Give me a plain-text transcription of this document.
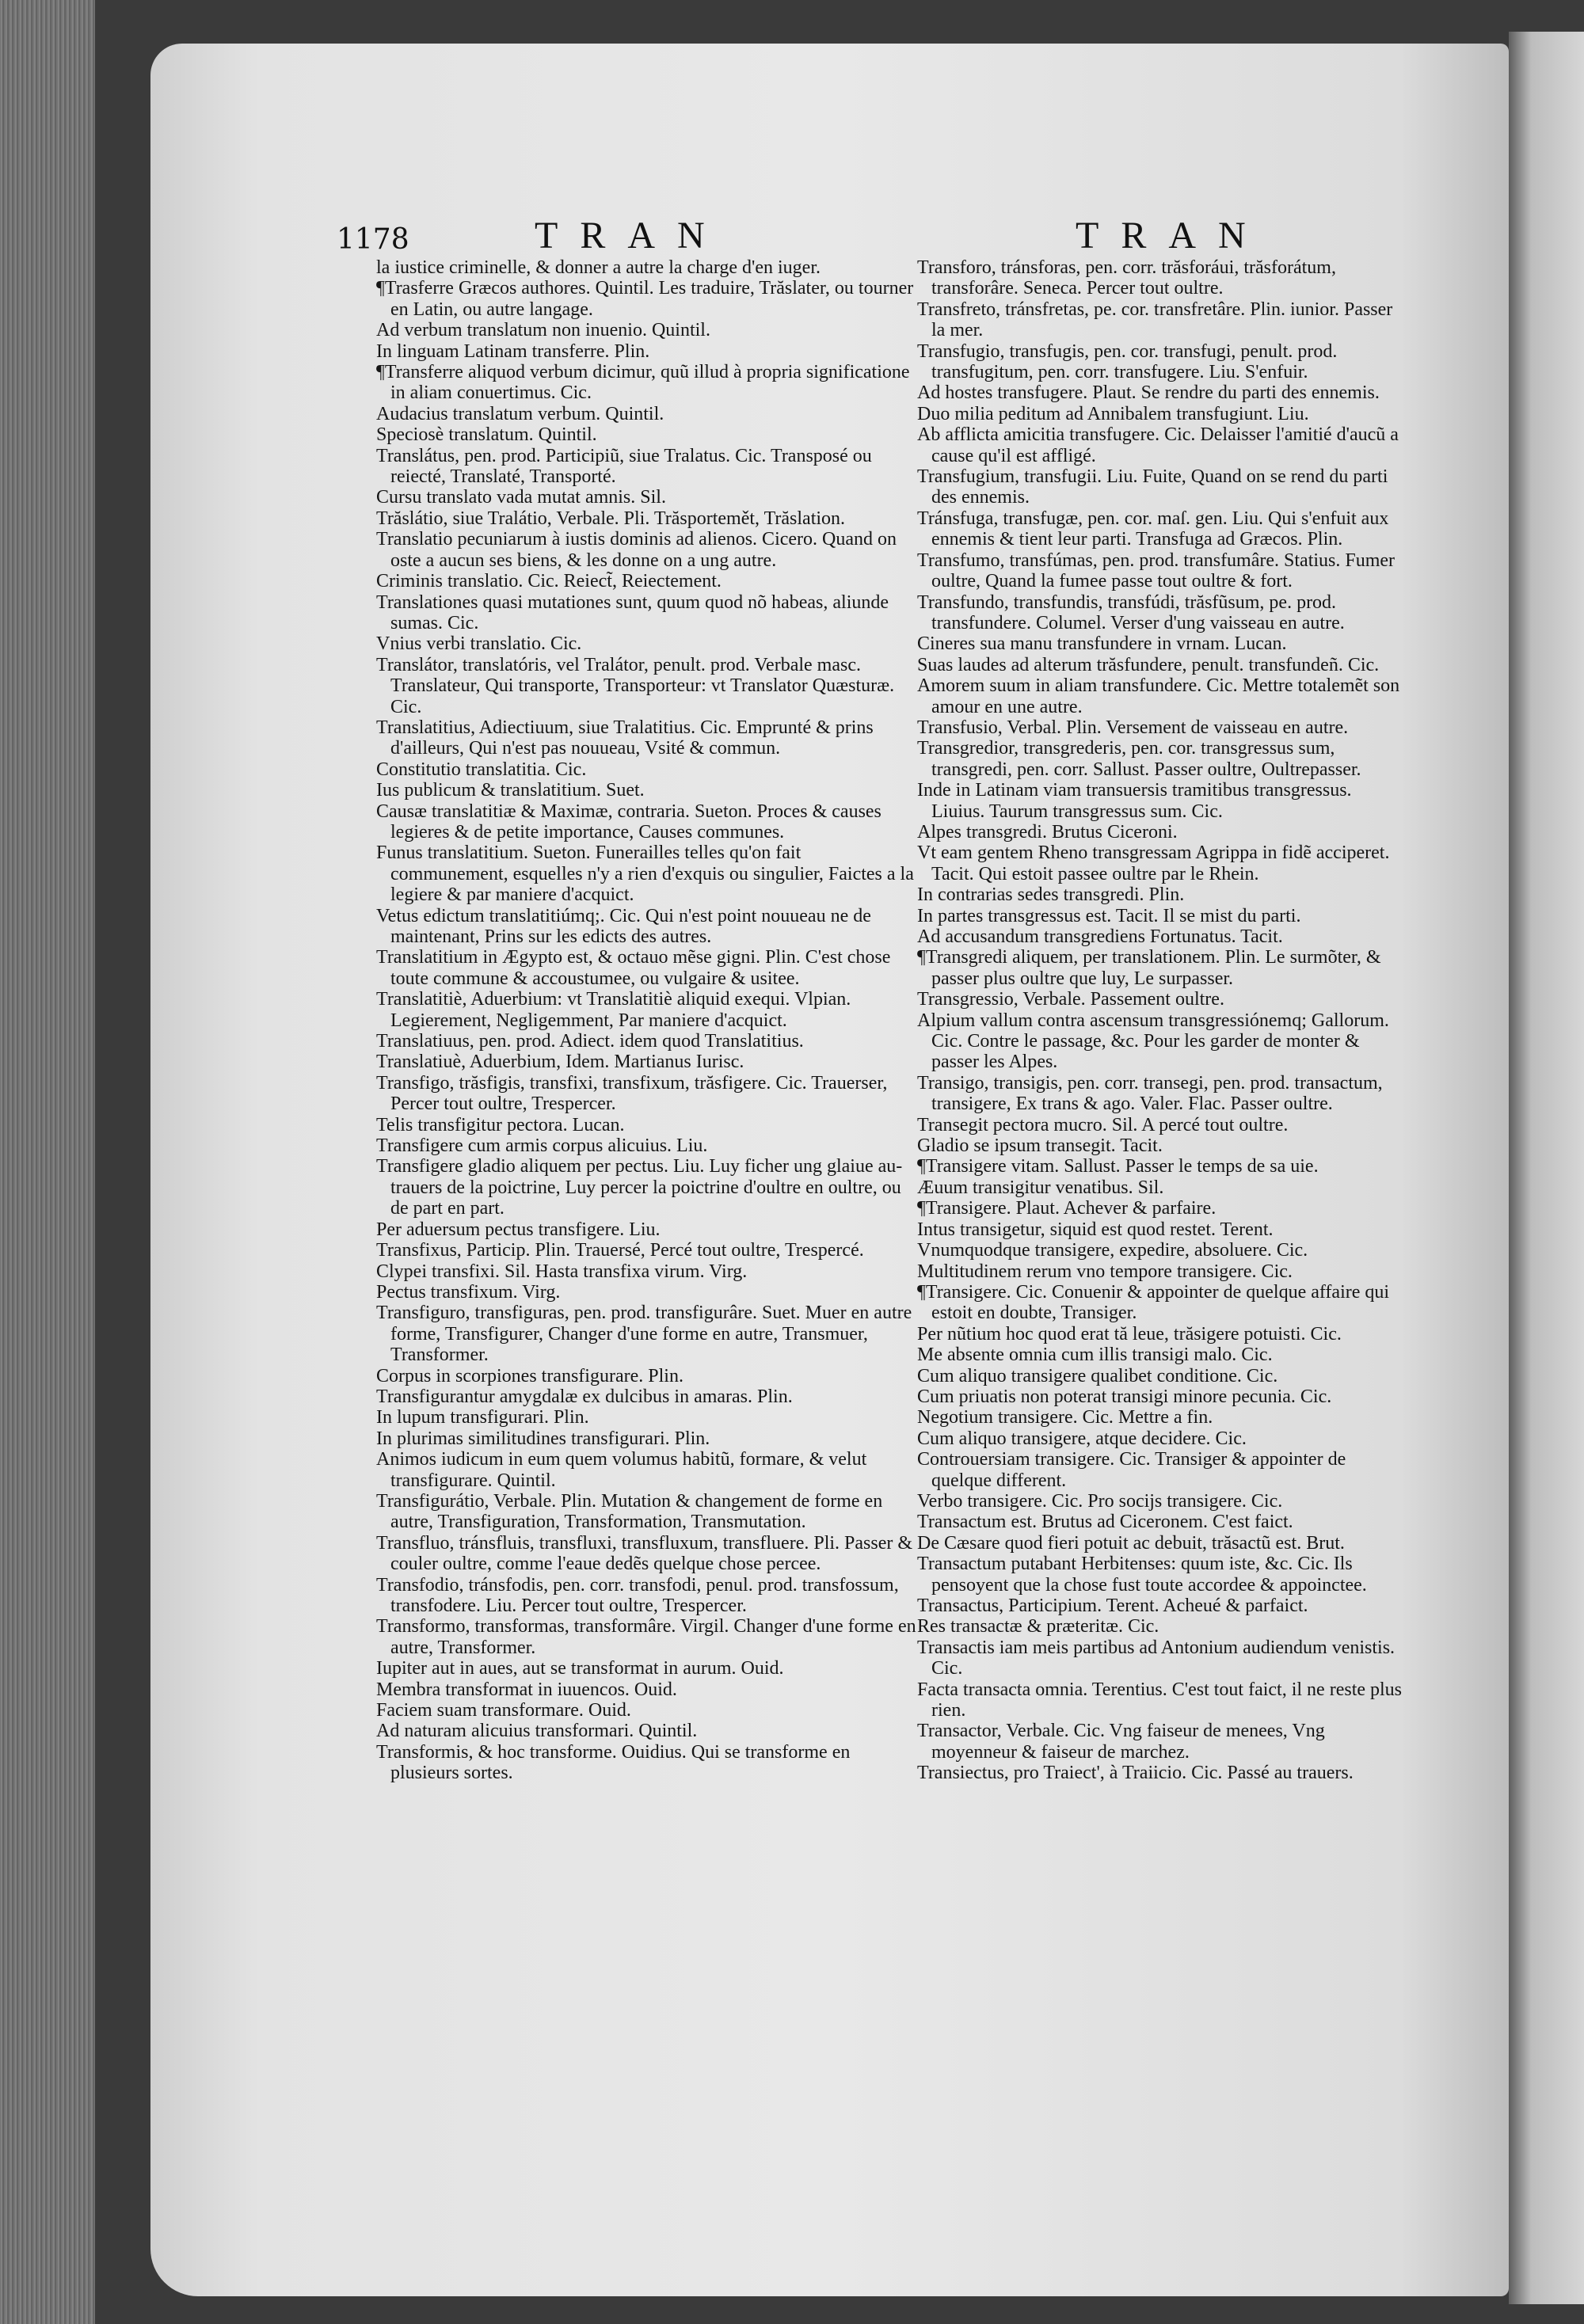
1178	TRAN	TRAN
la iustice criminelle, & donner a autre la charge d'en iuger.
¶Trasferre Græcos authores. Quintil. Les traduire, Trăslater, ou tourner en Latin, ou autre langage.
Ad verbum translatum non inuenio. Quintil.
In linguam Latinam transferre. Plin.
¶Transferre aliquod verbum dicimur, quũ illud à propria significatione in aliam conuertimus. Cic.
Audacius translatum verbum. Quintil.
Speciosè translatum. Quintil.
Translátus, pen. prod. Participiũ, siue Tralatus. Cic. Transposé ou reiecté, Translaté, Transporté.
Cursu translato vada mutat amnis. Sil.
Trăslátio, siue Tralátio, Verbale. Pli. Trăsportemět, Trăslation.
Translatio pecuniarum à iustis dominis ad alienos. Cicero. Quand on oste a aucun ses biens, & les donne on a ung autre.
Criminis translatio. Cic. Reiect̃, Reiectement.
Translationes quasi mutationes sunt, quum quod nõ habeas, aliunde sumas. Cic.
Vnius verbi translatio. Cic.
Translátor, translatóris, vel Tralátor, penult. prod. Verbale masc. Translateur, Qui transporte, Transporteur: vt Translator Quæsturæ. Cic.
Translatitius, Adiectiuum, siue Tralatitius. Cic. Emprunté & prins d'ailleurs, Qui n'est pas nouueau, Vsité & commun.
Constitutio translatitia. Cic.
Ius publicum & translatitium. Suet.
Causæ translatitiæ & Maximæ, contraria. Sueton. Proces & causes legieres & de petite importance, Causes communes.
Funus translatitium. Sueton. Funerailles telles qu'on fait communement, esquelles n'y a rien d'exquis ou singulier, Faictes a la legiere & par maniere d'acquict.
Vetus edictum translatitiúmq;. Cic. Qui n'est point nouueau ne de maintenant, Prins sur les edicts des autres.
Translatitium in Ægypto est, & octauo mẽse gigni. Plin. C'est chose toute commune & accoustumee, ou vulgaire & usitee.
Translatitiè, Aduerbium: vt Translatitiè aliquid exequi. Vlpian. Legierement, Negligemment, Par maniere d'acquict.
Translatiuus, pen. prod. Adiect. idem quod Translatitius.
Translatiuè, Aduerbium, Idem. Martianus Iurisc.
Transfigo, trăsfigis, transfixi, transfixum, trăsfigere. Cic. Trauerser, Percer tout oultre, Trespercer.
Telis transfigitur pectora. Lucan.
Transfigere cum armis corpus alicuius. Liu.
Transfigere gladio aliquem per pectus. Liu. Luy ficher ung glaiue au-trauers de la poictrine, Luy percer la poictrine d'oultre en oultre, ou de part en part.
Per aduersum pectus transfigere. Liu.
Transfixus, Particip. Plin. Trauersé, Percé tout oultre, Trespercé.
Clypei transfixi. Sil. Hasta transfixa virum. Virg.
Pectus transfixum. Virg.
Transfiguro, transfiguras, pen. prod. transfigurâre. Suet. Muer en autre forme, Transfigurer, Changer d'une forme en autre, Transmuer, Transformer.
Corpus in scorpiones transfigurare. Plin.
Transfigurantur amygdalæ ex dulcibus in amaras. Plin.
In lupum transfigurari. Plin.
In plurimas similitudines transfigurari. Plin.
Animos iudicum in eum quem volumus habitũ, formare, & velut transfigurare. Quintil.
Transfigurátio, Verbale. Plin. Mutation & changement de forme en autre, Transfiguration, Transformation, Transmutation.
Transfluo, tránsfluis, transfluxi, transfluxum, transfluere. Pli. Passer & couler oultre, comme l'eaue dedẽs quelque chose percee.
Transfodio, tránsfodis, pen. corr. transfodi, penul. prod. transfossum, transfodere. Liu. Percer tout oultre, Trespercer.
Transformo, transformas, transformâre. Virgil. Changer d'une forme en autre, Transformer.
Iupiter aut in aues, aut se transformat in aurum. Ouid.
Membra transformat in iuuencos. Ouid.
Faciem suam transformare. Ouid.
Ad naturam alicuius transformari. Quintil.
Transformis, & hoc transforme. Ouidius. Qui se transforme en plusieurs sortes.
Transforo, tránsforas, pen. corr. trăsforáui, trăsforátum, transforâre. Seneca. Percer tout oultre.
Transfreto, tránsfretas, pe. cor. transfretâre. Plin. iunior. Passer la mer.
Transfugio, transfugis, pen. cor. transfugi, penult. prod. transfugitum, pen. corr. transfugere. Liu. S'enfuir.
Ad hostes transfugere. Plaut. Se rendre du parti des ennemis.
Duo milia peditum ad Annibalem transfugiunt. Liu.
Ab afflicta amicitia transfugere. Cic. Delaisser l'amitié d'aucũ a cause qu'il est affligé.
Transfugium, transfugii. Liu. Fuite, Quand on se rend du parti des ennemis.
Tránsfuga, transfugæ, pen. cor. maſ. gen. Liu. Qui s'enfuit aux ennemis & tient leur parti. Transfuga ad Græcos. Plin.
Transfumo, transfúmas, pen. prod. transfumâre. Statius. Fumer oultre, Quand la fumee passe tout oultre & fort.
Transfundo, transfundis, transfúdi, trăsfũsum, pe. prod. transfundere. Columel. Verser d'ung vaisseau en autre.
Cineres sua manu transfundere in vrnam. Lucan.
Suas laudes ad alterum trăsfundere, penult. transfundeñ. Cic.
Amorem suum in aliam transfundere. Cic. Mettre totalemẽt son amour en une autre.
Transfusio, Verbal. Plin. Versement de vaisseau en autre.
Transgredior, transgrederis, pen. cor. transgressus sum, transgredi, pen. corr. Sallust. Passer oultre, Oultrepasser.
Inde in Latinam viam transuersis tramitibus transgressus. Liuius. Taurum transgressus sum. Cic.
Alpes transgredi. Brutus Ciceroni.
Vt eam gentem Rheno transgressam Agrippa in fidẽ acciperet. Tacit. Qui estoit passee oultre par le Rhein.
In contrarias sedes transgredi. Plin.
In partes transgressus est. Tacit. Il se mist du parti.
Ad accusandum transgrediens Fortunatus. Tacit.
¶Transgredi aliquem, per translationem. Plin. Le surmõter, & passer plus oultre que luy, Le surpasser.
Transgressio, Verbale. Passement oultre.
Alpium vallum contra ascensum transgressiónemq; Gallorum. Cic. Contre le passage, &c. Pour les garder de monter & passer les Alpes.
Transigo, transigis, pen. corr. transegi, pen. prod. transactum, transigere, Ex trans & ago. Valer. Flac. Passer oultre.
Transegit pectora mucro. Sil. A percé tout oultre.
Gladio se ipsum transegit. Tacit.
¶Transigere vitam. Sallust. Passer le temps de sa uie.
Æuum transigitur venatibus. Sil.
¶Transigere. Plaut. Achever & parfaire.
Intus transigetur, siquid est quod restet. Terent.
Vnumquodque transigere, expedire, absoluere. Cic.
Multitudinem rerum vno tempore transigere. Cic.
¶Transigere. Cic. Conuenir & appointer de quelque affaire qui estoit en doubte, Transiger.
Per nũtium hoc quod erat tă leue, trăsigere potuisti. Cic.
Me absente omnia cum illis transigi malo. Cic.
Cum aliquo transigere qualibet conditione. Cic.
Cum priuatis non poterat transigi minore pecunia. Cic.
Negotium transigere. Cic. Mettre a fin.
Cum aliquo transigere, atque decidere. Cic.
Controuersiam transigere. Cic. Transiger & appointer de quelque different.
Verbo transigere. Cic. Pro socijs transigere. Cic.
Transactum est. Brutus ad Ciceronem. C'est faict.
De Cæsare quod fieri potuit ac debuit, trăsactũ est. Brut.
Transactum putabant Herbitenses: quum iste, &c. Cic. Ils pensoyent que la chose fust toute accordee & appoinctee.
Transactus, Participium. Terent. Acheué & parfaict.
Res transactæ & præteritæ. Cic.
Transactis iam meis partibus ad Antonium audiendum venistis. Cic.
Facta transacta omnia. Terentius. C'est tout faict, il ne reste plus rien.
Transactor, Verbale. Cic. Vng faiseur de menees, Vng moyenneur & faiseur de marchez.
Transiectus, pro Traiect', à Traiicio. Cic. Passé au trauers.
